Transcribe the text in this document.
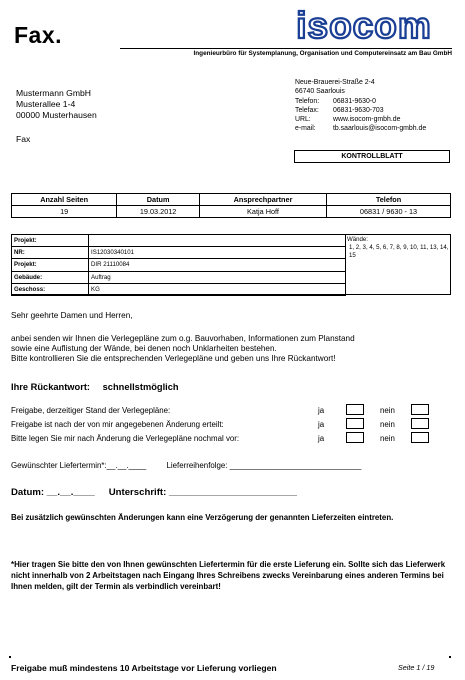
Fax.	isocom
Ingenieurbüro für Systemplanung, Organisation und Computereinsatz am Bau GmbH
Mustermann GmbH
Musterallee 1-4
00000 Musterhausen
Fax
Neue-Brauerei-Straße 2-4
66740 Saarlouis
Telefon:	06831-9630-0
Telefax:	06831-9630-703
URL:	www.isocom-gmbh.de
e-mail:	tb.saarlouis@isocom-gmbh.de
KONTROLLBLATT
Anzahl Seiten	Datum	Ansprechpartner	Telefon
19	19.03.2012	Katja Hoff	06831 / 9630 - 13
Projekt:	
NR:	IS12030340101
Projekt:	DIR 21110084
Gebäude:	Auftrag
Geschoss:	KG
Wände:
1, 2, 3, 4, 5, 6, 7, 8, 9, 10, 11, 13, 14, 15
Sehr geehrte Damen und Herren,
anbei senden wir Ihnen die Verlegepläne zum o.g. Bauvorhaben, Informationen zum Planstand
sowie eine Auflistung der Wände, bei denen noch Unklarheiten bestehen.
Bitte kontrollieren Sie die entsprechenden Verlegepläne und geben uns Ihre Rückantwort!
Ihre Rückantwort: schnellstmöglich
Freigabe, derzeitiger Stand der Verlegepläne:	ja	nein
Freigabe ist nach der von mir angegebenen Änderung erteilt:	ja	nein
Bitte legen Sie mir nach Änderung die Verlegepläne nochmal vor:	ja	nein
Gewünschter Liefertermin*:__.__.____	Lieferreihenfolge: ______________________________
Datum: __.__.____ Unterschrift: ________________________
Bei zusätzlich gewünschten Änderungen kann eine Verzögerung der genannten Lieferzeiten eintreten.
*Hier tragen Sie bitte den von Ihnen gewünschten Liefertermin für die erste Lieferung ein. Sollte sich das Lieferwerk nicht innerhalb von 2 Arbeitstagen nach Eingang Ihres Schreibens zwecks Vereinbarung eines anderen Termins bei Ihnen melden, gilt der Termin als verbindlich vereinbart!
Freigabe muß mindestens 10 Arbeitstage vor Lieferung vorliegen	Seite 1 / 19
